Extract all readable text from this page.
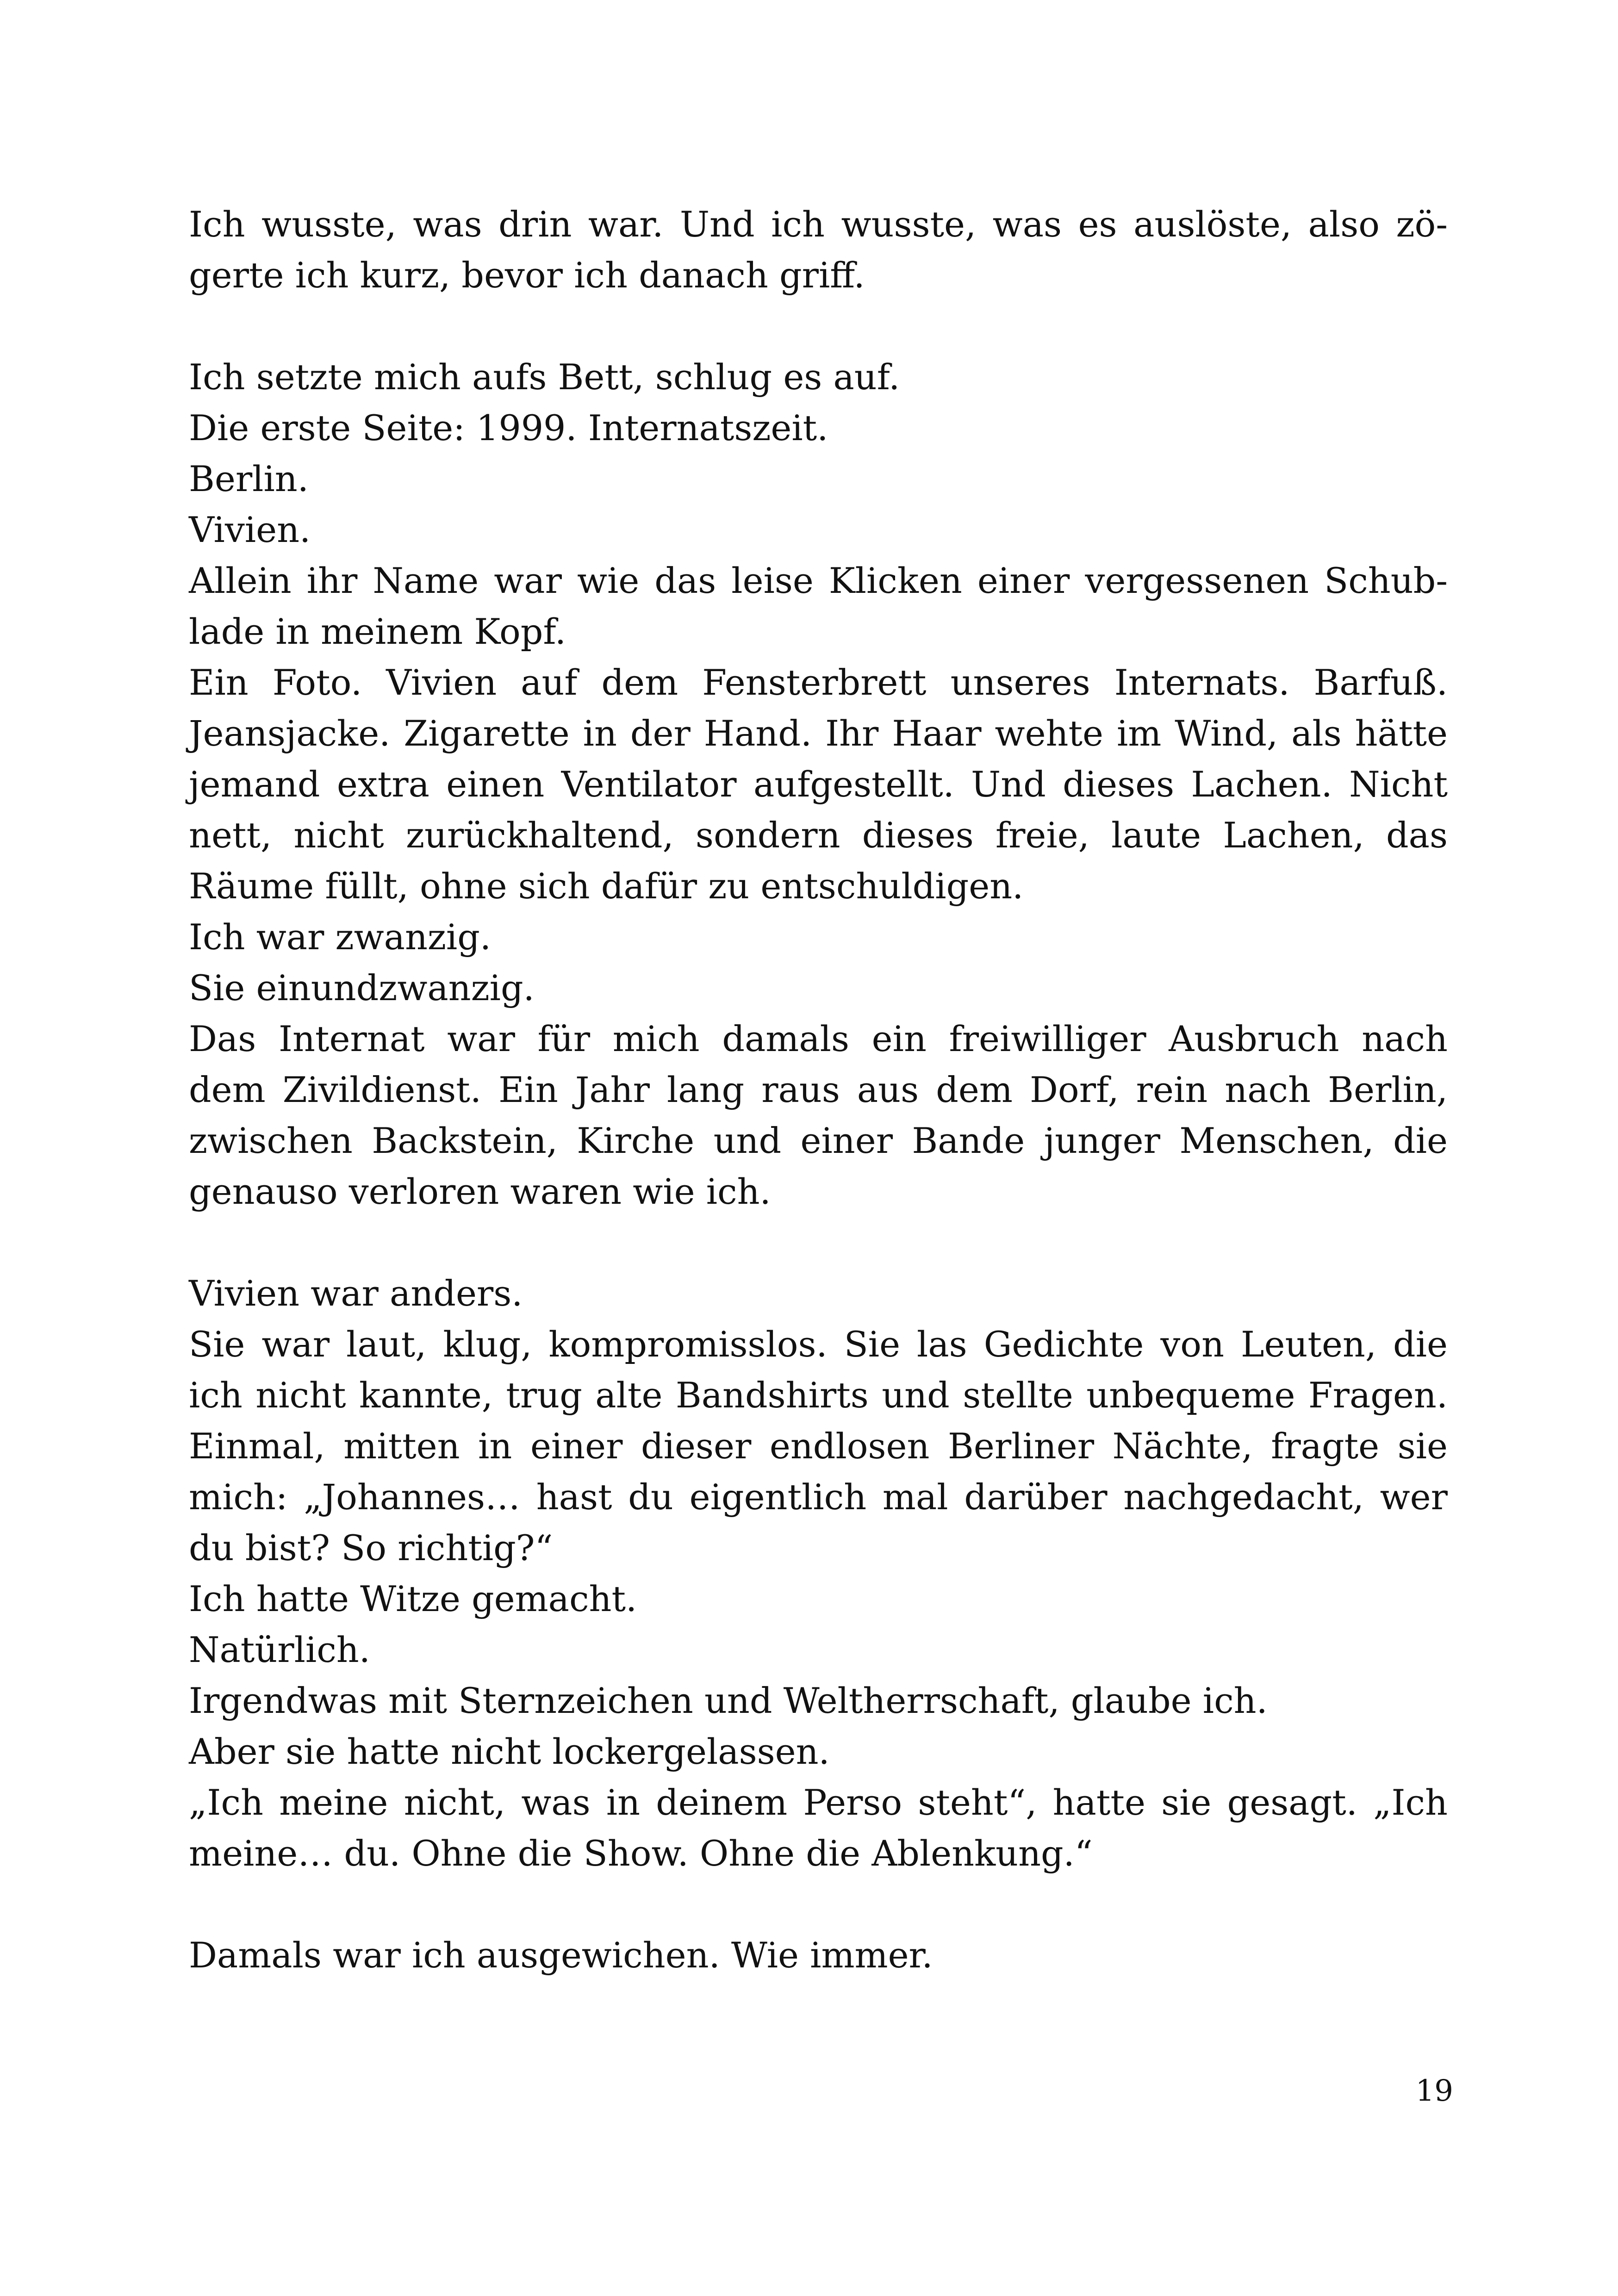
Ich wusste, was drin war. Und ich wusste, was es auslöste, also zö-
gerte ich kurz, bevor ich danach griff.
Ich setzte mich aufs Bett, schlug es auf.
Die erste Seite: 1999. Internatszeit.
Berlin.
Vivien.
Allein ihr Name war wie das leise Klicken einer vergessenen Schub-
lade in meinem Kopf.
Ein Foto. Vivien auf dem Fensterbrett unseres Internats. Barfuß.
Jeansjacke. Zigarette in der Hand. Ihr Haar wehte im Wind, als hätte
jemand extra einen Ventilator aufgestellt. Und dieses Lachen. Nicht
nett, nicht zurückhaltend, sondern dieses freie, laute Lachen, das
Räume füllt, ohne sich dafür zu entschuldigen.
Ich war zwanzig.
Sie einundzwanzig.
Das Internat war für mich damals ein freiwilliger Ausbruch nach
dem Zivildienst. Ein Jahr lang raus aus dem Dorf, rein nach Berlin,
zwischen Backstein, Kirche und einer Bande junger Menschen, die
genauso verloren waren wie ich.
Vivien war anders.
Sie war laut, klug, kompromisslos. Sie las Gedichte von Leuten, die
ich nicht kannte, trug alte Bandshirts und stellte unbequeme Fragen.
Einmal, mitten in einer dieser endlosen Berliner Nächte, fragte sie
mich: „Johannes… hast du eigentlich mal darüber nachgedacht, wer
du bist? So richtig?“
Ich hatte Witze gemacht.
Natürlich.
Irgendwas mit Sternzeichen und Weltherrschaft, glaube ich.
Aber sie hatte nicht lockergelassen.
„Ich meine nicht, was in deinem Perso steht“, hatte sie gesagt. „Ich
meine… du. Ohne die Show. Ohne die Ablenkung.“
Damals war ich ausgewichen. Wie immer.
19
